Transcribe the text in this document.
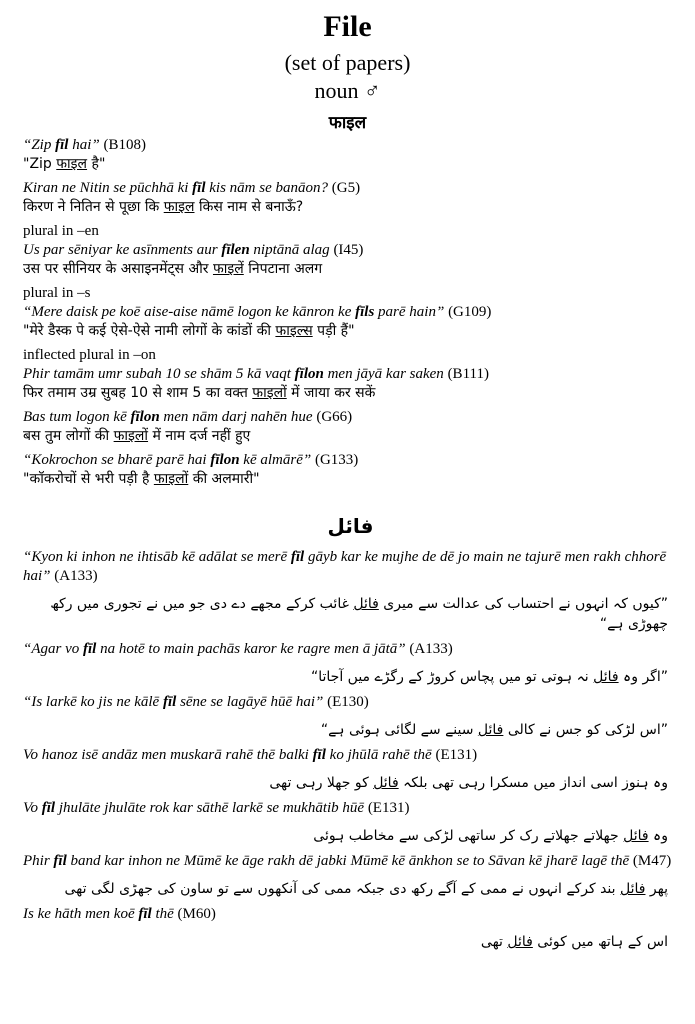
File
(set of papers)
noun ♂
फाइल
“Zip fīl hai” (B108)
"Zip फाइल है"
Kiran ne Nitin se pūchhā ki fīl kis nām se banāon? (G5)
किरण ने नितिन से पूछा कि फाइल किस नाम से बनाऊँ?
plural in –en
Us par sēniyar ke asīnments aur fīlen niptānā alag (I45)
उस पर सीनियर के असाइनमेंट्स और फाइलें निपटाना अलग
plural in –s
“Mere daisk pe koē aise-aise nāmē logon ke kānron ke fīls parē hain” (G109)
"मेरे डैस्क पे कई ऐसे-ऐसे नामी लोगों के कांडों की फाइल्स पड़ी हैं"
inflected plural in –on
Phir tamām umr subah 10 se shām 5 kā vaqt fīlon men jāyā kar saken (B111)
फिर तमाम उम्र सुबह 10 से शाम 5 का वक्त फाइलों में जाया कर सकें
Bas tum logon kē fīlon men nām darj nahēn hue (G66)
बस तुम लोगों की फाइलों में नाम दर्ज नहीं हुए
“Kokrochon se bharē parē hai fīlon kē almārē” (G133)
"कॉकरोचों से भरी पड़ी है फाइलों की अलमारी"
فائل
“Kyon ki inhon ne ihtisāb kē adālat se merē fīl gāyb kar ke mujhe de dē jo main ne tajurē men rakh chhorē hai” (A133)
”کیوں کہ انہوں نے احتساب کی عدالت سے میری فائل غائب کرکے مجھے دے دی جو میں نے تجوری میں رکھ چھوڑی ہے“
“Agar vo fīl na hotē to main pachās karor ke ragre men ā jātā” (A133)
”اگر وہ فائل نہ ہوتی تو میں پچاس کروڑ کے رگڑے میں آجاتا“
“Is larkē ko jis ne kālē fīl sēne se lagāyē hūē hai” (E130)
”اس لڑکی کو جس نے کالی فائل سینے سے لگائی ہوئی ہے“
Vo hanoz isē andāz men muskarā rahē thē balki fīl ko jhūlā rahē thē (E131)
وہ ہنوز اسی انداز میں مسکرا رہی تھی بلکہ فائل کو جھلا رہی تھی
Vo fīl jhulāte jhulāte rok kar sāthē larkē se mukhātib hūē (E131)
وہ فائل جھلاتے جھلاتے رک کر ساتھی لڑکی سے مخاطب ہوئی
Phir fīl band kar inhon ne Mūmē ke āge rakh dē jabki Mūmē kē ānkhon se to Sāvan kē jharē lagē thē (M47)
پھر فائل بند کرکے انہوں نے ممی کے آگے رکھ دی جبکہ ممی کی آنکھوں سے تو ساون کی جھڑی لگی تھی
Is ke hāth men koē fīl thē (M60)
اس کے ہاتھ میں کوئی فائل تھی
